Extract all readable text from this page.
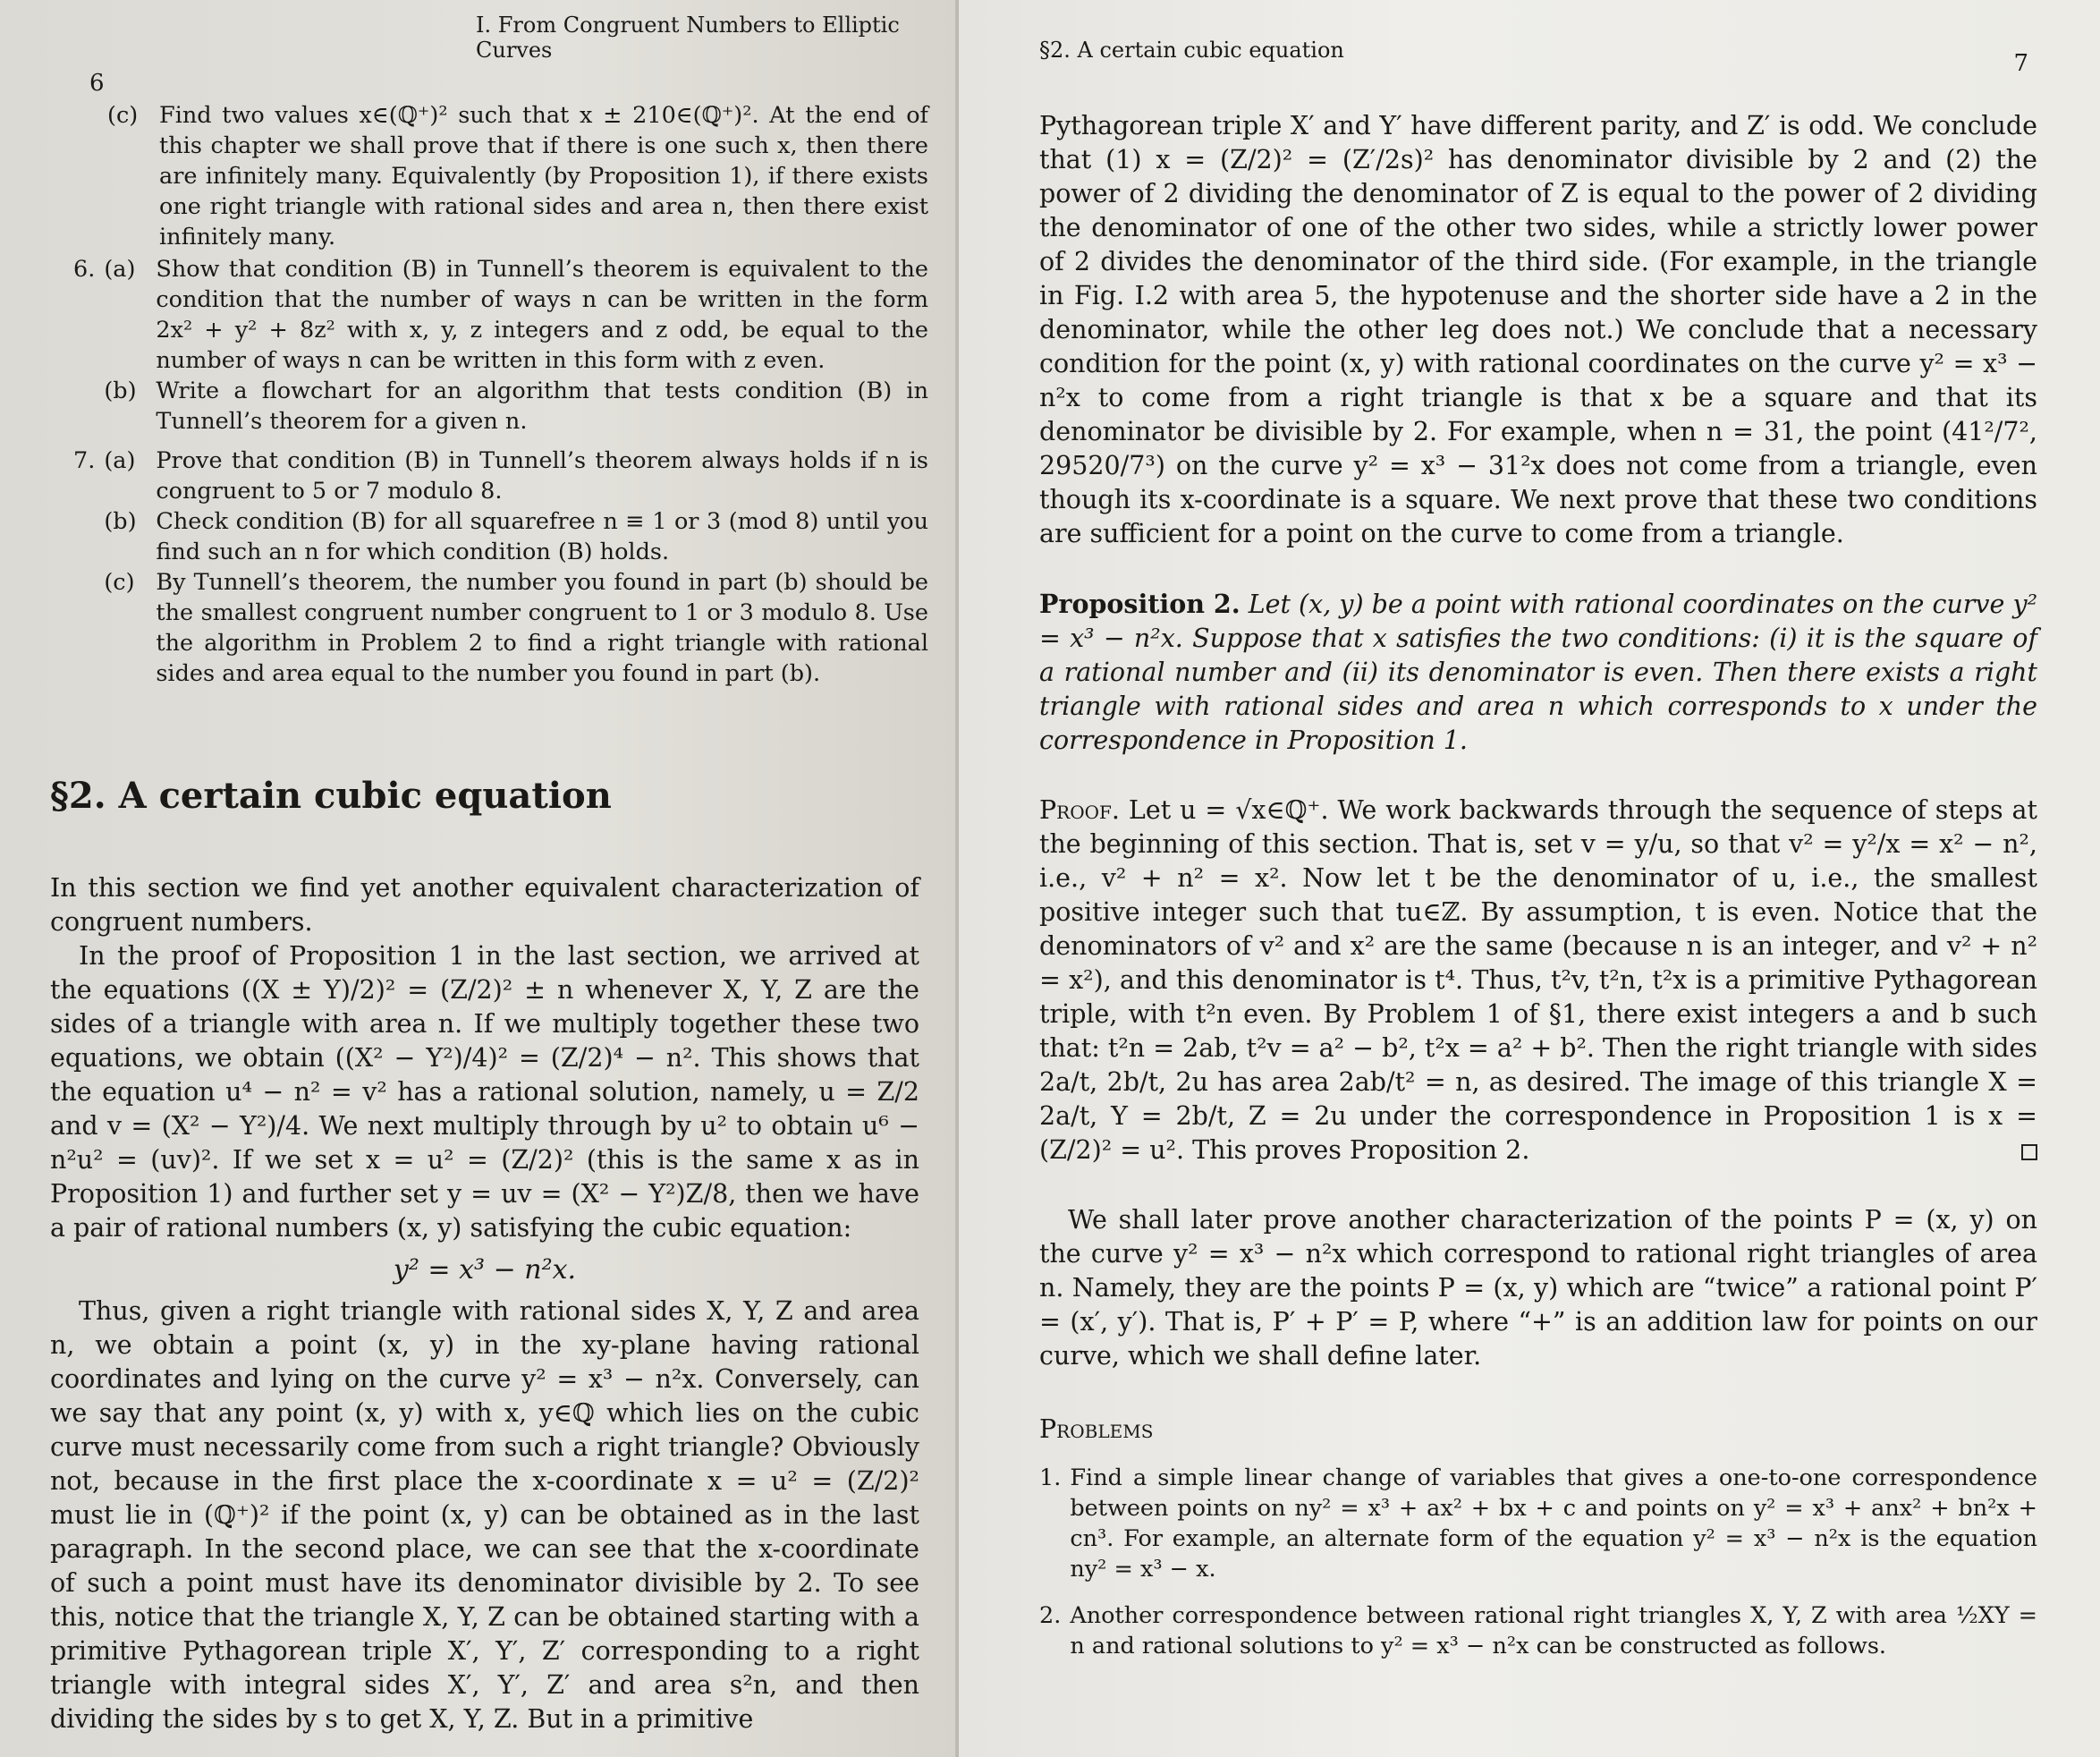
I. From Congruent Numbers to Elliptic Curves
6
(c) Find two values x∈(ℚ⁺)² such that x ± 210∈(ℚ⁺)². At the end of this chapter we shall prove that if there is one such x, then there are infinitely many. Equivalently (by Proposition 1), if there exists one right triangle with rational sides and area n, then there exist infinitely many.
6. (a) Show that condition (B) in Tunnell’s theorem is equivalent to the condition that the number of ways n can be written in the form 2x² + y² + 8z² with x, y, z integers and z odd, be equal to the number of ways n can be written in this form with z even.
(b) Write a flowchart for an algorithm that tests condition (B) in Tunnell’s theorem for a given n.
7. (a) Prove that condition (B) in Tunnell’s theorem always holds if n is congruent to 5 or 7 modulo 8.
(b) Check condition (B) for all squarefree n ≡ 1 or 3 (mod 8) until you find such an n for which condition (B) holds.
(c) By Tunnell’s theorem, the number you found in part (b) should be the smallest congruent number congruent to 1 or 3 modulo 8. Use the algorithm in Problem 2 to find a right triangle with rational sides and area equal to the number you found in part (b).
§2. A certain cubic equation

In this section we find yet another equivalent characterization of congruent numbers.

In the proof of Proposition 1 in the last section, we arrived at the equations ((X ± Y)/2)² = (Z/2)² ± n whenever X, Y, Z are the sides of a triangle with area n. If we multiply together these two equations, we obtain ((X² − Y²)/4)² = (Z/2)⁴ − n². This shows that the equation u⁴ − n² = v² has a rational solution, namely, u = Z/2 and v = (X² − Y²)/4. We next multiply through by u² to obtain u⁶ − n²u² = (uv)². If we set x = u² = (Z/2)² (this is the same x as in Proposition 1) and further set y = uv = (X² − Y²)Z/8, then we have a pair of rational numbers (x, y) satisfying the cubic equation:

y² = x³ − n²x.

Thus, given a right triangle with rational sides X, Y, Z and area n, we obtain a point (x, y) in the xy-plane having rational coordinates and lying on the curve y² = x³ − n²x. Conversely, can we say that any point (x, y) with x, y∈ℚ which lies on the cubic curve must necessarily come from such a right triangle? Obviously not, because in the first place the x-coordinate x = u² = (Z/2)² must lie in (ℚ⁺)² if the point (x, y) can be obtained as in the last paragraph. In the second place, we can see that the x-coordinate of such a point must have its denominator divisible by 2. To see this, notice that the triangle X, Y, Z can be obtained starting with a primitive Pythagorean triple X′, Y′, Z′ corresponding to a right triangle with integral sides X′, Y′, Z′ and area s²n, and then dividing the sides by s to get X, Y, Z. But in a primitive

§2. A certain cubic equation	7

Pythagorean triple X′ and Y′ have different parity, and Z′ is odd. We conclude that (1) x = (Z/2)² = (Z′/2s)² has denominator divisible by 2 and (2) the power of 2 dividing the denominator of Z is equal to the power of 2 dividing the denominator of one of the other two sides, while a strictly lower power of 2 divides the denominator of the third side. (For example, in the triangle in Fig. I.2 with area 5, the hypotenuse and the shorter side have a 2 in the denominator, while the other leg does not.) We conclude that a necessary condition for the point (x, y) with rational coordinates on the curve y² = x³ − n²x to come from a right triangle is that x be a square and that its denominator be divisible by 2. For example, when n = 31, the point (41²/7², 29520/7³) on the curve y² = x³ − 31²x does not come from a triangle, even though its x-coordinate is a square. We next prove that these two conditions are sufficient for a point on the curve to come from a triangle.

Proposition 2. Let (x, y) be a point with rational coordinates on the curve y² = x³ − n²x. Suppose that x satisfies the two conditions: (i) it is the square of a rational number and (ii) its denominator is even. Then there exists a right triangle with rational sides and area n which corresponds to x under the correspondence in Proposition 1.

Proof. Let u = √x∈ℚ⁺. We work backwards through the sequence of steps at the beginning of this section. That is, set v = y/u, so that v² = y²/x = x² − n², i.e., v² + n² = x². Now let t be the denominator of u, i.e., the smallest positive integer such that tu∈ℤ. By assumption, t is even. Notice that the denominators of v² and x² are the same (because n is an integer, and v² + n² = x²), and this denominator is t⁴. Thus, t²v, t²n, t²x is a primitive Pythagorean triple, with t²n even. By Problem 1 of §1, there exist integers a and b such that: t²n = 2ab, t²v = a² − b², t²x = a² + b². Then the right triangle with sides 2a/t, 2b/t, 2u has area 2ab/t² = n, as desired. The image of this triangle X = 2a/t, Y = 2b/t, Z = 2u under the correspondence in Proposition 1 is x = (Z/2)² = u². This proves Proposition 2.

We shall later prove another characterization of the points P = (x, y) on the curve y² = x³ − n²x which correspond to rational right triangles of area n. Namely, they are the points P = (x, y) which are “twice” a rational point P′ = (x′, y′). That is, P′ + P′ = P, where “+” is an addition law for points on our curve, which we shall define later.

Problems

1. Find a simple linear change of variables that gives a one-to-one correspondence between points on ny² = x³ + ax² + bx + c and points on y² = x³ + anx² + bn²x + cn³. For example, an alternate form of the equation y² = x³ − n²x is the equation ny² = x³ − x.
2. Another correspondence between rational right triangles X, Y, Z with area ½XY = n and rational solutions to y² = x³ − n²x can be constructed as follows.
